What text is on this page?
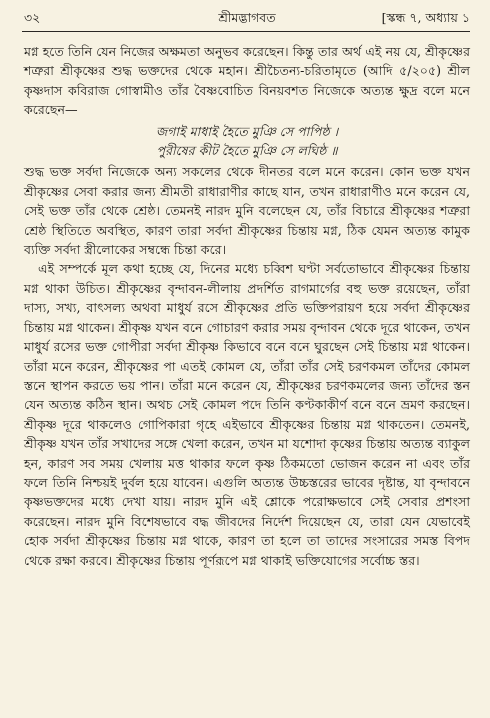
৩২	শ্রীমদ্ভাগবত	[স্কন্ধ ৭, অধ্যায় ১

মগ্ন হতে তিনি যেন নিজের অক্ষমতা অনুভব করেছেন। কিন্তু তার অর্থ এই নয় যে, শ্রীকৃষ্ণের শত্রুরা শ্রীকৃষ্ণের শুদ্ধ ভক্তদের থেকে মহান। শ্রীচৈতন্য-চরিতামৃতে (আদি ৫/২০৫) শ্রীল কৃষ্ণদাস কবিরাজ গোস্বামীও তাঁর বৈষ্ণবোচিত বিনয়বশত নিজেকে অত্যন্ত ক্ষুদ্র বলে মনে করেছেন—

জগাই মাধাই হৈতে মুঞি সে পাপিষ্ঠ ।
পুরীষের কীট হৈতে মুঞি সে লঘিষ্ঠ ॥

শুদ্ধ ভক্ত সর্বদা নিজেকে অন্য সকলের থেকে দীনতর বলে মনে করেন। কোন ভক্ত যখন শ্রীকৃষ্ণের সেবা করার জন্য শ্রীমতী রাধারাণীর কাছে যান, তখন রাধারাণীও মনে করেন যে, সেই ভক্ত তাঁর থেকে শ্রেষ্ঠ। তেমনই নারদ মুনি বলেছেন যে, তাঁর বিচারে শ্রীকৃষ্ণের শত্রুরা শ্রেষ্ঠ স্থিতিতে অবস্থিত, কারণ তারা সর্বদা শ্রীকৃষ্ণের চিন্তায় মগ্ন, ঠিক যেমন অত্যন্ত কামুক ব্যক্তি সর্বদা স্ত্রীলোকের সম্বন্ধে চিন্তা করে।

এই সম্পর্কে মূল কথা হচ্ছে যে, দিনের মধ্যে চব্বিশ ঘণ্টা সর্বতোভাবে শ্রীকৃষ্ণের চিন্তায় মগ্ন থাকা উচিত। শ্রীকৃষ্ণের বৃন্দাবন-লীলায় প্রদর্শিত রাগমার্গের বহু ভক্ত রয়েছেন, তাঁরা দাস্য, সখ্য, বাৎসল্য অথবা মাধুর্য রসে শ্রীকৃষ্ণের প্রতি ভক্তিপরায়ণ হয়ে সর্বদা শ্রীকৃষ্ণের চিন্তায় মগ্ন থাকেন। শ্রীকৃষ্ণ যখন বনে গোচারণ করার সময় বৃন্দাবন থেকে দূরে থাকেন, তখন মাধুর্য রসের ভক্ত গোপীরা সর্বদা শ্রীকৃষ্ণ কিভাবে বনে বনে ঘুরছেন সেই চিন্তায় মগ্ন থাকেন। তাঁরা মনে করেন, শ্রীকৃষ্ণের পা এতই কোমল যে, তাঁরা তাঁর সেই চরণকমল তাঁদের কোমল স্তনে স্থাপন করতে ভয় পান। তাঁরা মনে করেন যে, শ্রীকৃষ্ণের চরণকমলের জন্য তাঁদের স্তন যেন অত্যন্ত কঠিন স্থান। অথচ সেই কোমল পদে তিনি কণ্টকাকীর্ণ বনে বনে ভ্রমণ করছেন। শ্রীকৃষ্ণ দূরে থাকলেও গোপিকারা গৃহে এইভাবে শ্রীকৃষ্ণের চিন্তায় মগ্ন থাকতেন। তেমনই, শ্রীকৃষ্ণ যখন তাঁর সখাদের সঙ্গে খেলা করেন, তখন মা যশোদা কৃষ্ণের চিন্তায় অত্যন্ত ব্যাকুল হন, কারণ সব সময় খেলায় মত্ত থাকার ফলে কৃষ্ণ ঠিকমতো ভোজন করেন না এবং তাঁর ফলে তিনি নিশ্চয়ই দুর্বল হয়ে যাবেন। এগুলি অত্যন্ত উচ্চস্তরের ভাবের দৃষ্টান্ত, যা বৃন্দাবনে কৃষ্ণভক্তদের মধ্যে দেখা যায়। নারদ মুনি এই শ্লোকে পরোক্ষভাবে সেই সেবার প্রশংসা করেছেন। নারদ মুনি বিশেষভাবে বদ্ধ জীবদের নির্দেশ দিয়েছেন যে, তারা যেন যেভাবেই হোক সর্বদা শ্রীকৃষ্ণের চিন্তায় মগ্ন থাকে, কারণ তা হলে তা তাদের সংসারের সমস্ত বিপদ থেকে রক্ষা করবে। শ্রীকৃষ্ণের চিন্তায় পূর্ণরূপে মগ্ন থাকাই ভক্তিযোগের সর্বোচ্চ স্তর।
